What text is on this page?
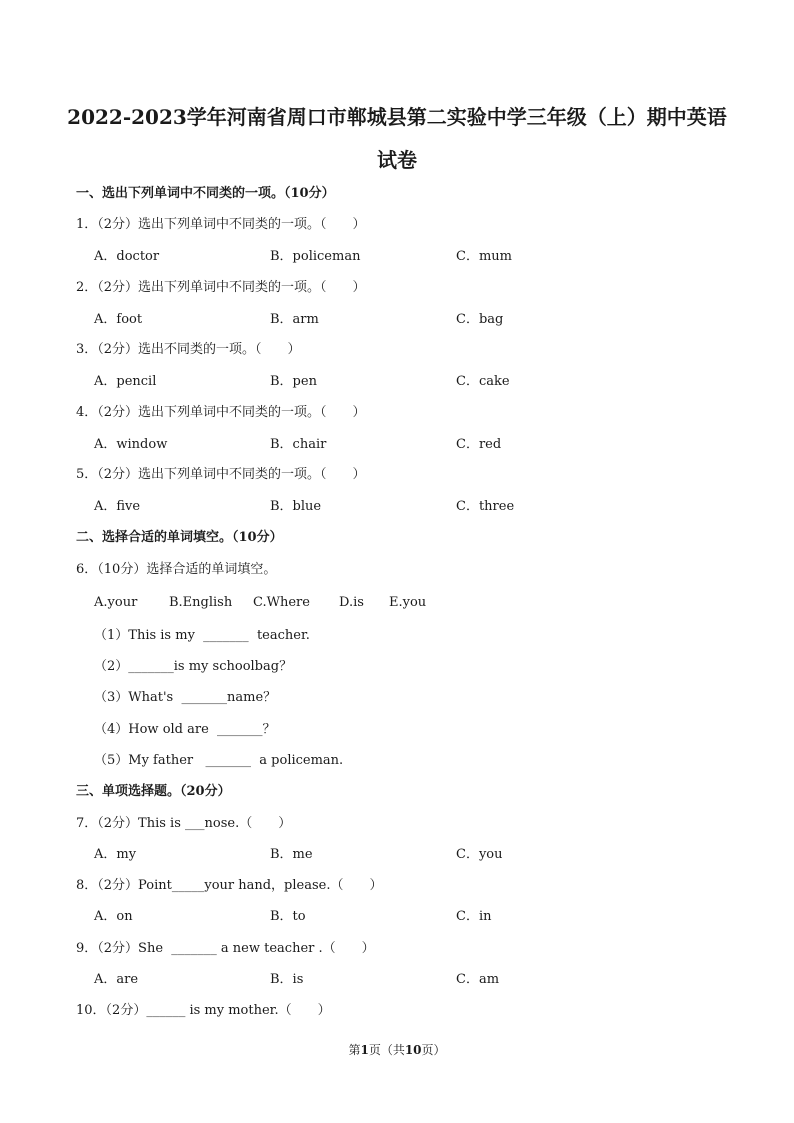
2022-2023学年河南省周口市郸城县第二实验中学三年级（上）期中英语
试卷
一、选出下列单词中不同类的一项。（10分）
1．（2分）选出下列单词中不同类的一项。（　　）
A．doctor	B．policeman	C．mum
2．（2分）选出下列单词中不同类的一项。（　　）
A．foot	B．arm	C．bag
3．（2分）选出不同类的一项。（　　）
A．pencil	B．pen	C．cake
4．（2分）选出下列单词中不同类的一项。（　　）
A．window	B．chair	C．red
5．（2分）选出下列单词中不同类的一项。（　　）
A．five	B．blue	C．three
二、选择合适的单词填空。（10分）
6．（10分）选择合适的单词填空。
A.your B.English C.Where D.is E.you
（1）This is my  _______  teacher.
（2）_______is my schoolbag？
（3）What's  _______name？
（4）How old are  _______？
（5）My father   _______  a policeman.
三、单项选择题。（20分）
7．（2分）This is ___nose.（　　）
A．my	B．me	C．you
8．（2分）Point_____your hand，please.（　　）
A．on	B．to	C．in
9．（2分）She  _______ a new teacher .（　　）
A．are	B．is	C．am
10．（2分）______ is my mother.（　　）
第1页（共10页）
